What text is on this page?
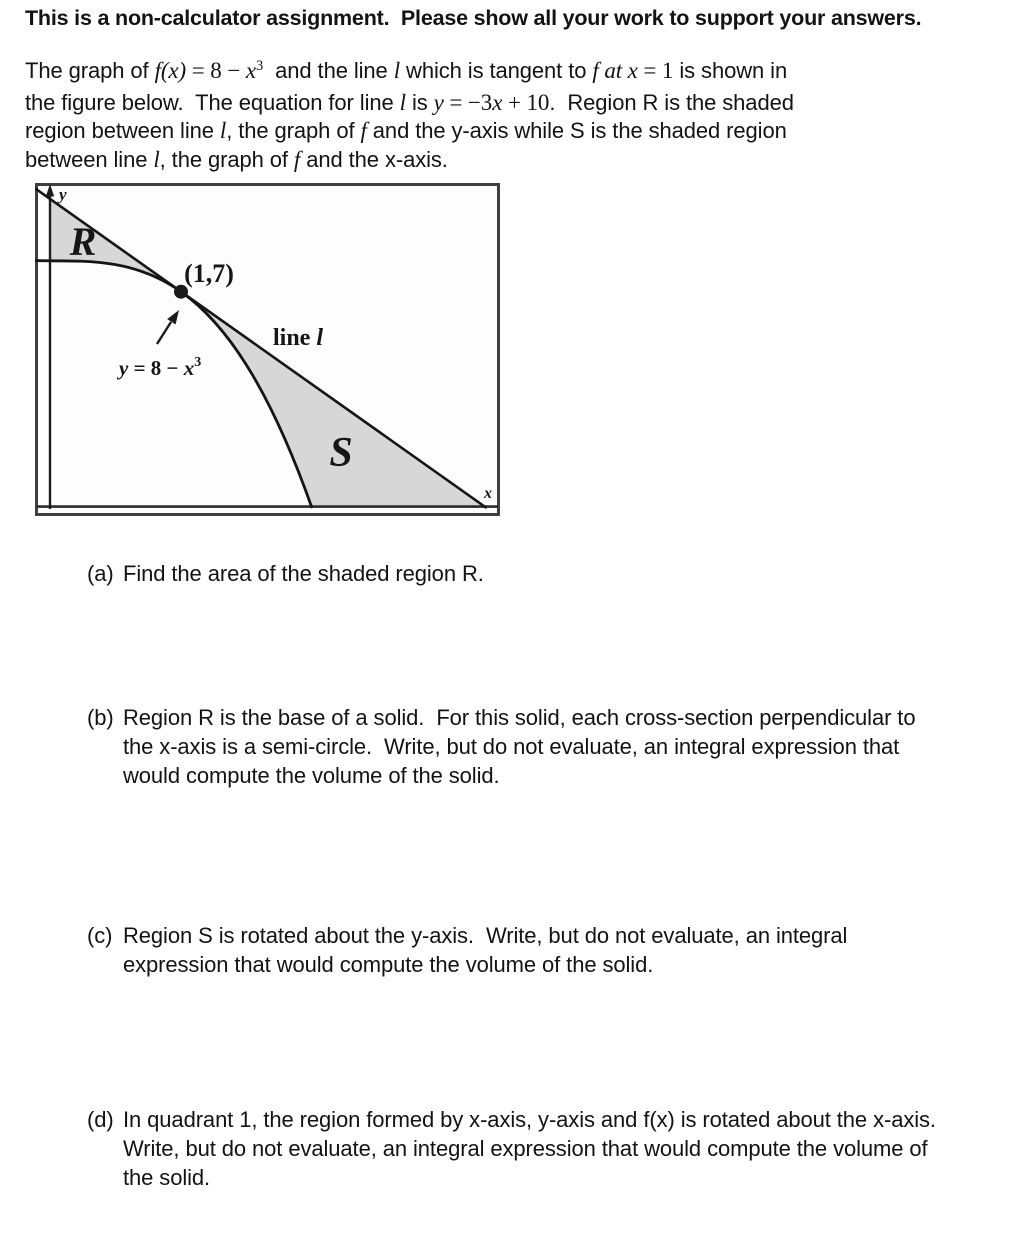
This is a non-calculator assignment.  Please show all your work to support your answers.
The graph of $f(x) = 8 - x^3$  and the line l which is tangent to f at x = 1 is shown in
the figure below.  The equation for line l is y = −3x + 10.  Region R is the shaded
region between line l, the graph of f and the y-axis while S is the shaded region
between line l, the graph of f and the x-axis.
y
x
R
S
(1,7)
line l
$y = 8 - x^3$
(a) Find the area of the shaded region R.
(b) Region R is the base of a solid.  For this solid, each cross-section perpendicular to the x-axis is a semi-circle.  Write, but do not evaluate, an integral expression that would compute the volume of the solid.
(c) Region S is rotated about the y-axis.  Write, but do not evaluate, an integral expression that would compute the volume of the solid.
(d) In quadrant 1, the region formed by x-axis, y-axis and f(x) is rotated about the x-axis.  Write, but do not evaluate, an integral expression that would compute the volume of the solid.
